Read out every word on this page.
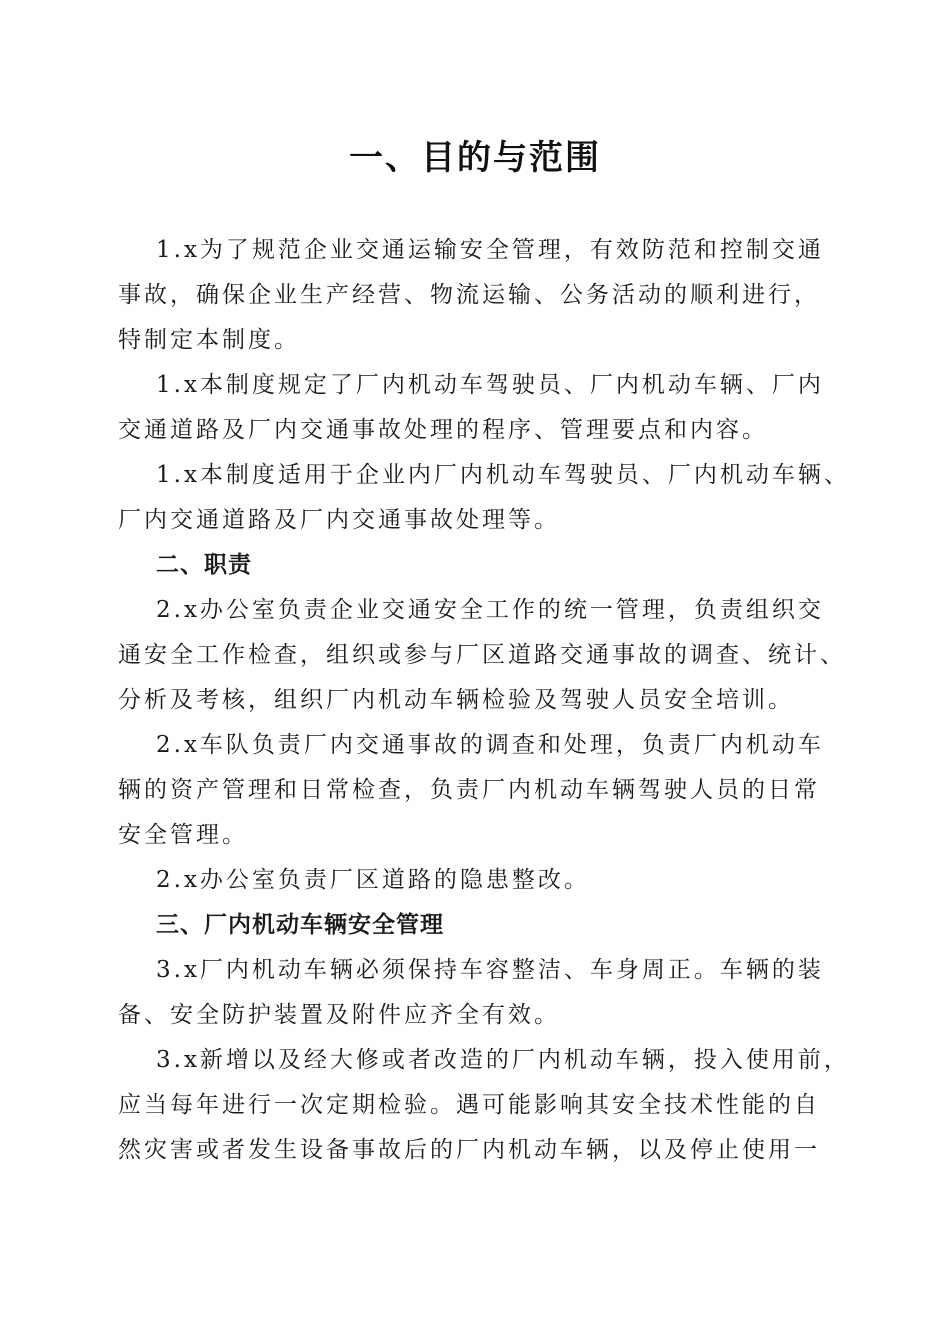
一、目的与范围
1.x为了规范企业交通运输安全管理，有效防范和控制交通
事故，确保企业生产经营、物流运输、公务活动的顺利进行，
特制定本制度。
1.x本制度规定了厂内机动车驾驶员、厂内机动车辆、厂内
交通道路及厂内交通事故处理的程序、管理要点和内容。
1.x本制度适用于企业内厂内机动车驾驶员、厂内机动车辆、
厂内交通道路及厂内交通事故处理等。
二、职责
2.x办公室负责企业交通安全工作的统一管理，负责组织交
通安全工作检查，组织或参与厂区道路交通事故的调查、统计、
分析及考核，组织厂内机动车辆检验及驾驶人员安全培训。
2.x车队负责厂内交通事故的调查和处理，负责厂内机动车
辆的资产管理和日常检查，负责厂内机动车辆驾驶人员的日常
安全管理。
2.x办公室负责厂区道路的隐患整改。
三、厂内机动车辆安全管理
3.x厂内机动车辆必须保持车容整洁、车身周正。车辆的装
备、安全防护装置及附件应齐全有效。
3.x新增以及经大修或者改造的厂内机动车辆，投入使用前，
应当每年进行一次定期检验。遇可能影响其安全技术性能的自
然灾害或者发生设备事故后的厂内机动车辆，以及停止使用一
